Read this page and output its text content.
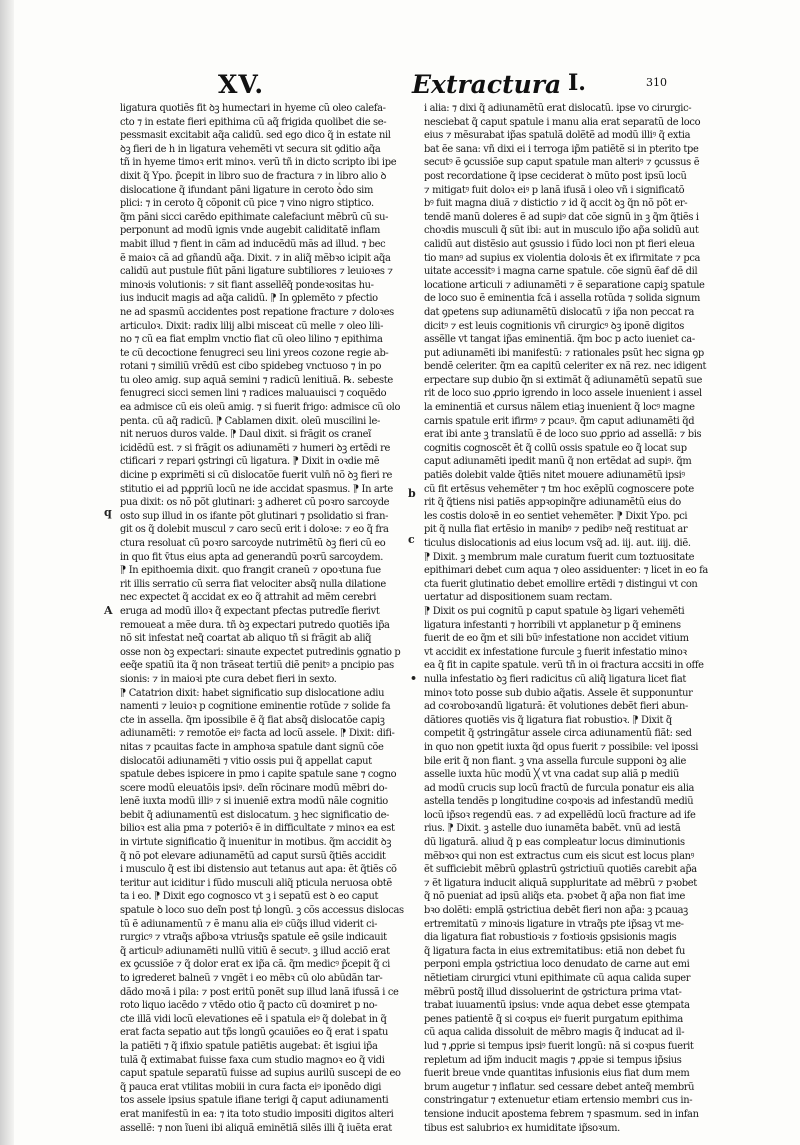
XV.	Extractura I.	310
q
A
b
c
•
ligatura quotiẽs fit ꝺꝫ humectari in hyeme cũ oleo calefa-
cto ⁊ in estate fieri epithima cũ aq̃ frigida quolibet die se-
pessmasit excitabit aq̃a calidũ. sed ego dico q̃ in estate nil
ꝺꝫ fieri de h in ligatura vehemẽti vt secura sit ꝯditio aq̃a
tñ in hyeme timoꝛ erit minoꝛ. verũ tñ in dicto scripto ibi ipe
dixit q̃ Ypo. p̃cepit in libro suo de fractura ⁊ in libro alio ꝺ
dislocatione q̃ ifundant pãni ligature in ceroto ꝺᷤdo sim
plici: ⁊ in ceroto q̃ cõponit cũ pice ⁊ vino nigro stiptico.
q̃m pãni sicci carẽdo epithimate calefaciunt mẽbrũ cũ su-
perponunt ad modũ ignis vnde augebit caliditatẽ inflam
mabit illud ⁊ fient in cãm ad inducẽdũ mãs ad illud. ⁊ bec
ẽ maioꝛ cã ad gñandũ aq̃a. Dixit. ⁊ in aliq̃ mẽbꝛo icipit aq̃a
calidũ aut pustule fiũt pãni ligature subtiliores ⁊ leuioꝛes ⁊
minoꝛis volutionis: ⁊ sit fiant assellẽq̃ pondeꝛositas hu-
ius inducit magis ad aq̃a calidũ. ⁋ In ꝯplemẽto ⁊ pfectio
ne ad spasmũ accidentes post repatione fracture ⁊ doloꝛes
articuloꝛ. Dixit: radix lilij albi misceat cũ melle ⁊ oleo lili-
no ⁊ cũ ea fiat emplm vnctio fiat cũ oleo lilino ⁊ epithima
te cũ decoctione fenugreci seu lini yreos cozone regie ab-
rotani ⁊ similiũ vrẽdũ est cibo spidebeg vnctuoso ⁊ in po
tu oleo amig. sup aquã semini ⁊ radicũ lenitiuã. ℞. sebeste
fenugreci sicci semen lini ⁊ radices maluauisci ⁊ coquẽdo
ea admisce cũ eis oleũ amig. ⁊ si fuerit frigo: admisce cũ olo
penta. cũ aq̃ radicũ. ⁋ Cablamen dixit. oleũ muscilini le-
nit neruos duros valde. ⁋ Daul dixit. si frãgit os craneĩ
icidẽdũ est. ⁊ si frãgit os adiunamẽti ⁊ humeri ꝺꝫ ertẽdi re
ctificari ⁊ repari ꝯstringi cũ ligatura. ⁋ Dixit in oꝛdie mẽ
dicine p exprimẽti si cũ dislocatõe fuerit vuln̄ nõ ꝺꝫ fieri re
stitutio ei ad pꝓpriũ locũ ne ide accidat spasmus. ⁋ In arte
pua dixit: os nõ põt glutinari: ꝫ adheret cũ poꝛro sarcoyde
osto sup illud in os ifante põt glutinari ⁊ psolidatio si fran-
git os q̃ dolebit muscul ⁊ caro secũ erit i doloꝛe: ⁊ eo q̃ fra
ctura resoluat cũ poꝛro sarcoyde nutrimẽtũ ꝺꝫ fieri cũ eo
in quo fit v̄tus eius apta ad generandũ poꝛrũ sarcoydem.
⁋ In epithoemia dixit. quo frangit craneũ ⁊ opoꝛtuna fue
rit illis serratio cũ serra fiat velociter absq̃ nulla dilatione
nec expectet q̃ accidat ex eo q̃ attrahit ad mẽm cerebri
eruga ad modũ illoꝛ q̃ expectant pfectas putredĩe fierivt
remoueat a mẽe dura. tñ ꝺꝫ expectari putredo quotiẽs ip̃a
nõ sit infestat neq̃ coartat ab aliquo tñ si frãgit ab aliq̃
osse non ꝺꝫ expectari: sinaute expectet putredinis ꝯgnatio p
eeq̃e spatiũ ita q̃ non trãseat tertiũ diẽ penitꝰ a pncipio pas
sionis: ⁊ in maioꝛi pte cura debet fieri in sexto.
⁋ Catatrion dixit: habet significatio sup dislocatione adiu
namenti ⁊ leuioꝛ p cognitione eminentie rotũde ⁊ solide fa
cte in assella. q̃m ipossibile ẽ q̃ fiat absq̃ dislocatõe capiꝫ
adiunamẽti: ⁊ remotõe eiꝰ facta ad locũ assele. ⁋ Dixit: difi-
nitas ⁊ pcauitas facte in amphoꝛa spatule dant signũ cõe
dislocatõi adiunamẽti ⁊ vitio ossis pui q̃ appellat caput
spatule debes ispicere in pmo i capite spatule sane ⁊ cogno
scere modũ eleuatõis ipsiꝰ. deĩn rõcinare modũ mẽbri do-
lenẽ iuxta modũ illiꝰ ⁊ si inueniẽ extra modũ nãle cognitio
bebit q̃ adiunamentũ est dislocatum. ꝫ hec significatio de-
bilioꝛ est alia pma ⁊ poteriõꝛ ẽ in difficultate ⁊ minoꝛ ea est
in virtute significatio q̃ inuenitur in motibus. q̃m accidit ꝺꝫ
q̃ nõ pot elevare adiunamẽtũ ad caput sursũ q̃tiẽs accidit
i musculo q̃ est ibi distensio aut tetanus aut apa: ẽt q̃tiẽs cõ
teritur aut iciditur i fũdo musculi aliq̃ pticula neruosa obtẽ
ta i eo. ⁋ Dixit ego cognosco vt ꝫ i sepatũ est ꝺ eo caput
spatule ꝺ loco suo deĩn post tpᷤ longũ. ꝫ cõs accessus dislocas
tũ ẽ adiunamentũ ⁊ ẽ manu alia eiꝰ cũq̃s illud viderit ci-
rurgicꝰ ⁊ vtraq̃s ap̃boꝛa vtriusq̃s spatule eẽ ꝯsile indicauit
q̃ articulꝰ adiunamẽti nullũ vitiũ ẽ secutꝰ. ꝫ illud acciõ erat
ex ꝯcussiõe ⁊ q̃ dolor erat ex ip̃a cã. q̃m medicꝰ p̃cepit q̃ ci
to igrederet balneũ ⁊ vngẽt i eo mẽbꝛ cũ olo abũdãn tar-
dãdo moꝛã i pila: ⁊ post eritũ ponẽt sup illud lanã ifussã i ce
roto liquo iacẽdo ⁊ vtẽdo otio q̃ pacto cũ doꝛmiret p no-
cte illã vidi locũ elevationes eẽ i spatula eiꝰ q̃ dolebat in q̃
erat facta sepatio aut tp̃s longũ ꝯcauiões eo q̃ erat i spatu
la patiẽti ⁊ q̃ ifixio spatule patiẽtis augebat: ẽt isgiui ip̃a
tulã q̃ extimabat fuisse faxa cum studio magnoꝛ eo q̃ vidi
caput spatule separatũ fuisse ad supius aurilũ suscepi de eo
q̃ pauca erat vtilitas mobiii in cura facta eiꝰ iponẽdo digi
tos assele ipsius spatule ifiane terigi q̃ caput adiunamenti
erat manifestũ in ea: ⁊ ita toto studio impositi digitos alteri
assellẽ: ⁊ non ĩueni ibi aliquã eminẽtiã silẽs illi q̃ iuẽta erat
i alia: ⁊ dixi q̃ adiunamẽtũ erat dislocatũ. ipse vo cirurgic-
nesciebat q̃ caput spatule i manu alia erat separatũ de loco
eius ⁊ mẽsurabat ip̃as spatulã dolẽtẽ ad modũ illiꝰ q̃ extia
bat ẽe sana: vñ dixi ei i terroga ip̃m patiẽtẽ si in pterito tpe
secutꝰ ẽ ꝯcussiõe sup caput spatule man alteriꝰ ⁊ ꝯcussus ẽ
post recordatione q̃ ipse ceciderat ꝺ mũto post ipsũ locũ
⁊ mitigatꝰ fuit doloꝛ eiꝰ p lanã ifusã i oleo vñ i significatõ
bꝰ fuit magna diuã ⁊ distictio ⁊ id q̃ accit ꝺꝫ q̃n nõ põt er-
tendẽ manũ doleres ẽ ad supiꝰ dat cõe signũ in ꝫ q̃m q̃tiẽs i
choꝛdis musculi q̃ sũt ibi: aut in musculo ip̃o ap̃a solidũ aut
calidũ aut distẽsio aut ꝯsussio i fũdo loci non pt fieri eleua
tio manꝰ ad supius ex violentia doloꝛis ẽt ex ifirmitate ⁊ pca
uitate accessitꝰ i magna carne spatule. cõe signũ ẽaf dẽ dil
locatione articuli ⁊ adiunamẽti ⁊ ẽ separatione capiꝫ spatule
de loco suo ẽ eminentia fcã i assella rotũda ⁊ solida signum
dat ꝯpetens sup adiunamẽtũ dislocatũ ⁊ ip̃a non peccat ra
dicitꝰ ⁊ est leuis cognitionis vñ cirurgicꝰ ꝺꝫ iponẽ digitos
assẽlle vt tangat ip̃as eminentiã. q̃m boc p acto iueniet ca-
put adiunamẽti ibi manifestũ: ⁊ rationales psũt hec signa ꝯp
bendẽ celeriter. q̃m ea capitũ celeriter ex nã rez. nec idigent
erpectare sup dubio q̃n si extimãt q̃ adiunamẽtũ sepatũ sue
rit de loco suo ꝓprio igrendo in loco assele inuenient i assel
la eminentiã et cursus nãlem etiaꝫ inuenient q̃ locꝰ magne
carnis spatule erit ifirmꝰ ⁊ pcauꝰ. q̃m caput adiunamẽti q̃d
erat ibi ante ꝫ translatũ ẽ de loco suo ꝓprio ad assellã: ⁊ bis
cognitis cognoscẽt ẽt q̃ collũ ossis spatule eo q̃ locat sup
caput adiunamẽti ipedit manũ q̃ non ertẽdat ad supiꝰ. q̃m
patiẽs dolebit valde q̃tiẽs nitet mouere adiunamẽtũ ipsiꝰ
cũ fit ertẽsus vehemẽter ⁊ tm hoc exẽplũ cognoscere pote
rit q̃ q̃tiens nisi patiẽs appꝛopinq̃re adiunamẽtũ eius do
les costis doloꝛẽ in eo sentiet vehemẽter. ⁋ Dixit Ypo. pci
pit q̃ nulla fiat ertẽsio in manibꝰ ⁊ pedibꝰ neq̃ restituat ar
ticulus dislocationis ad eius locum vsq̃ ad. iij. aut. iiij. diẽ.
⁋ Dixit. ꝫ membrum male curatum fuerit cum toztuositate
epithimari debet cum aqua ⁊ oleo assiduenter: ⁊ licet in eo fa
cta fuerit glutinatio debet emollire ertẽdi ⁊ distingui vt con
uertatur ad dispositionem suam rectam.
⁋ Dixit os pui cognitũ p caput spatule ꝺꝫ ligari vehemẽti
ligatura infestanti ⁊ horribili vt applanetur p q̃ eminens
fuerit de eo q̃m et sili bũꝰ infestatione non accidet vitium
vt accidit ex infestatione furcule ꝫ fuerit infestatio minoꝛ
ea q̃ fit in capite spatule. verũ tñ in oi fractura accsiti in offe
nulla infestatio ꝺꝫ fieri radicitus cũ aliq̃ ligatura licet fiat
minoꝛ toto posse sub dubio aq̃atis. Assele ẽt supponuntur
ad coꝛroboꝛandũ ligaturã: ẽt volutiones debẽt fieri abun-
dãtiores quotiẽs vis q̃ ligatura fiat robustioꝛ. ⁋ Dixit q̃
competit q̃ ꝯstringãtur assele circa adiunamentũ fiãt: sed
in quo non ꝯpetit iuxta q̃d opus fuerit ⁊ possibile: vel ipossi
bile erit q̃ non fiant. ꝫ vna assella furcule supponi ꝺꝫ alie
asselle iuxta hũc modũ ╳ vt vna cadat sup aliã p mediũ
ad modũ crucis sup locũ fractũ de furcula ponatur eis alia
astella tendẽs p longitudine coꝛpoꝛis ad infestandũ mediũ
locũ ip̃soꝛ regendũ eas. ⁊ ad expellẽdũ locũ fracture ad ife
rius. ⁋ Dixit. ꝫ astelle duo iunamẽta babẽt. vnũ ad iestã
dũ ligaturã. aliud q̃ p eas compleatur locus diminutionis
mẽbꝛoꝛ qui non est extractus cum eis sicut est locus planꝰ
ẽt sufficiebit mẽbrũ ꝯplastrũ ꝯstrictiuũ quotiẽs carebit ap̃a
⁊ ẽt ligatura inducit aliquã suppluritate ad mẽbrũ ⁊ pꝛobet
q̃ nõ pueniat ad ipsũ aliq̃s eta. pꝛobet q̃ ap̃a non fiat ime
bꝛo dolẽti: emplã ꝯstrictiua debẽt fieri non ap̃a: ꝫ pcauaꝫ
ertremitatũ ⁊ minoꝛis ligature in vtraq̃s pte ip̃saꝫ vt me-
dia ligatura fiat robustioꝛis ⁊ foꝛtioꝛis ꝯpsisionis magis
q̃ ligatura facta in eius extremitatibus: etiã non debet fu
perponi empla ꝯstrictiua loco denudato de carne aut emi
nẽtietiam cirurgici vtuni epithimate cũ aqua calida super
mẽbrũ postq̃ illud dissoluerint de ꝯstrictura prima vtat-
trabat iuuamentũ ipsius: vnde aqua debet esse ꝯtempata
penes patientẽ q̃ si coꝛpus eiꝰ fuerit purgatum epithima
cũ aqua calida dissoluit de mẽbro magis q̃ inducat ad il-
lud ⁊ ꝓprie si tempus ipsiꝰ fuerit longũ: nã si coꝛpus fuerit
repletum ad ip̃m inducit magis ⁊ ꝓpꝛie si tempus ip̃sius
fuerit breue vnde quantitas infusionis eius fiat dum mem
brum augetur ⁊ inflatur. sed cessare debet anteq̃ membrũ
constringatur ⁊ extenuetur etiam ertensio membri cus in-
tensione inducit apostema febrem ⁊ spasmum. sed in infan
tibus est salubrioꝛ ex humiditate ip̃soꝛum.
